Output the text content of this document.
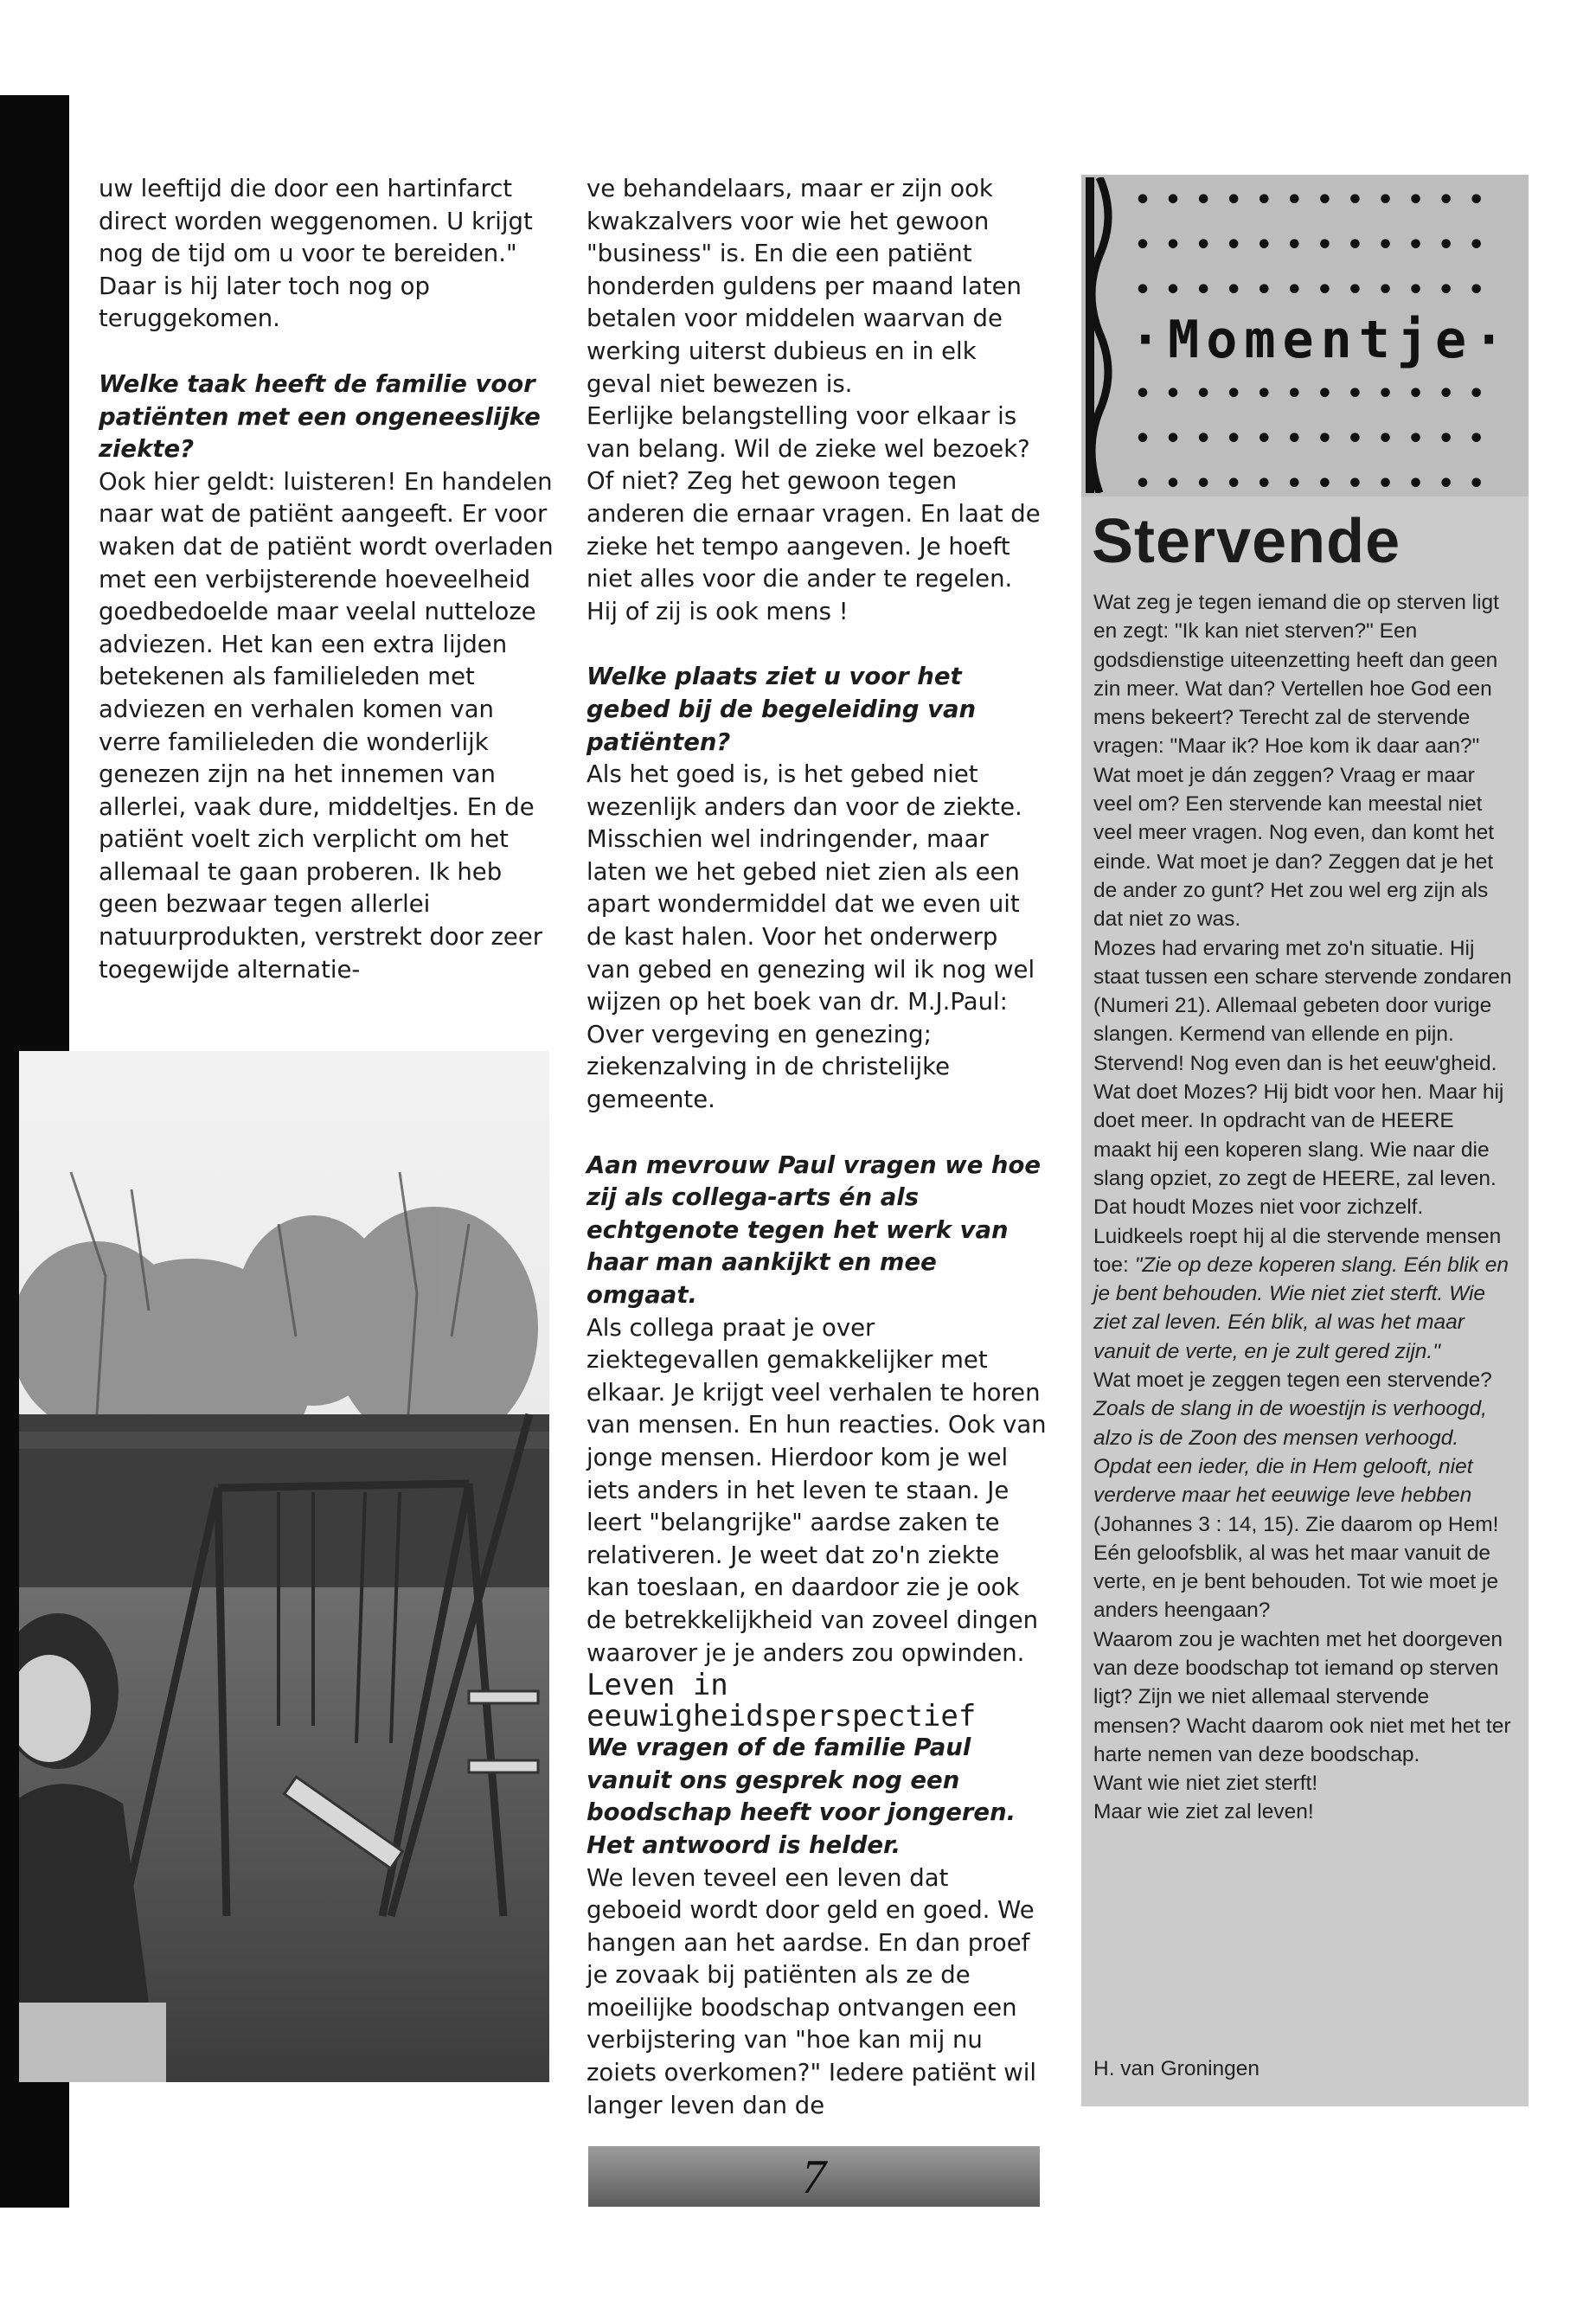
uw leeftijd die door een hartinfarct direct worden weggenomen. U krijgt nog de tijd om u voor te bereiden." Daar is hij later toch nog op teruggekomen.

Welke taak heeft de familie voor patiënten met een ongeneeslijke ziekte?

Ook hier geldt: luisteren! En handelen naar wat de patiënt aangeeft. Er voor waken dat de patiënt wordt overladen met een verbijsterende hoeveelheid goedbedoelde maar veelal nutteloze adviezen. Het kan een extra lijden betekenen als familieleden met adviezen en verhalen komen van verre familieleden die wonderlijk genezen zijn na het innemen van allerlei, vaak dure, middeltjes. En de patiënt voelt zich verplicht om het allemaal te gaan proberen. Ik heb geen bezwaar tegen allerlei natuurprodukten, verstrekt door zeer toegewijde alternatie-

ve behandelaars, maar er zijn ook kwakzalvers voor wie het gewoon "business" is. En die een patiënt honderden guldens per maand laten betalen voor middelen waarvan de werking uiterst dubieus en in elk geval niet bewezen is.

Eerlijke belangstelling voor elkaar is van belang. Wil de zieke wel bezoek? Of niet? Zeg het gewoon tegen anderen die ernaar vragen. En laat de zieke het tempo aangeven. Je hoeft niet alles voor die ander te regelen. Hij of zij is ook mens !

Welke plaats ziet u voor het gebed bij de begeleiding van patiënten?

Als het goed is, is het gebed niet wezenlijk anders dan voor de ziekte. Misschien wel indringender, maar laten we het gebed niet zien als een apart wondermiddel dat we even uit de kast halen. Voor het onderwerp van gebed en genezing wil ik nog wel wijzen op het boek van dr. M.J.Paul: Over vergeving en genezing; ziekenzalving in de christelijke gemeente.

Aan mevrouw Paul vragen we hoe zij als collega-arts én als echtgenote tegen het werk van haar man aankijkt en mee omgaat.

Als collega praat je over ziektegevallen gemakkelijker met elkaar. Je krijgt veel verhalen te horen van mensen. En hun reacties. Ook van jonge mensen. Hierdoor kom je wel iets anders in het leven te staan. Je leert "belangrijke" aardse zaken te relativeren. Je weet dat zo'n ziekte kan toeslaan, en daardoor zie je ook de betrekkelijkheid van zoveel dingen waarover je je anders zou opwinden.

Leven in eeuwigheidsperspectief

We vragen of de familie Paul vanuit ons gesprek nog een boodschap heeft voor jongeren. Het antwoord is helder.

We leven teveel een leven dat geboeid wordt door geld en goed. We hangen aan het aardse. En dan proef je zovaak bij patiënten als ze de moeilijke boodschap ontvangen een verbijstering van "hoe kan mij nu zoiets overkomen?" Iedere patiënt wil langer leven dan de

••••••••••••
••••••••••••
••••••••••••
·Momentje·
••••••••••••
••••••••••••
••••••••••••
Stervende

Wat zeg je tegen iemand die op sterven ligt en zegt: "Ik kan niet sterven?" Een godsdienstige uiteenzetting heeft dan geen zin meer. Wat dan? Vertellen hoe God een mens bekeert? Terecht zal de stervende vragen: "Maar ik? Hoe kom ik daar aan?" Wat moet je dán zeggen? Vraag er maar veel om? Een stervende kan meestal niet veel meer vragen. Nog even, dan komt het einde. Wat moet je dan? Zeggen dat je het de ander zo gunt? Het zou wel erg zijn als dat niet zo was.

Mozes had ervaring met zo'n situatie. Hij staat tussen een schare stervende zondaren (Numeri 21). Allemaal gebeten door vurige slangen. Kermend van ellende en pijn. Stervend! Nog even dan is het eeuw'gheid. Wat doet Mozes? Hij bidt voor hen. Maar hij doet meer. In opdracht van de HEERE maakt hij een koperen slang. Wie naar die slang opziet, zo zegt de HEERE, zal leven.

Dat houdt Mozes niet voor zichzelf. Luidkeels roept hij al die stervende mensen toe: "Zie op deze koperen slang. Eén blik en je bent behouden. Wie niet ziet sterft. Wie ziet zal leven. Eén blik, al was het maar vanuit de verte, en je zult gered zijn."

Wat moet je zeggen tegen een stervende? Zoals de slang in de woestijn is verhoogd, alzo is de Zoon des mensen verhoogd. Opdat een ieder, die in Hem gelooft, niet verderve maar het eeuwige leve hebben (Johannes 3 : 14, 15). Zie daarom op Hem! Eén geloofsblik, al was het maar vanuit de verte, en je bent behouden. Tot wie moet je anders heengaan?

Waarom zou je wachten met het doorgeven van deze boodschap tot iemand op sterven ligt? Zijn we niet allemaal stervende mensen? Wacht daarom ook niet met het ter harte nemen van deze boodschap.

Want wie niet ziet sterft!

Maar wie ziet zal leven!

H. van Groningen
7
